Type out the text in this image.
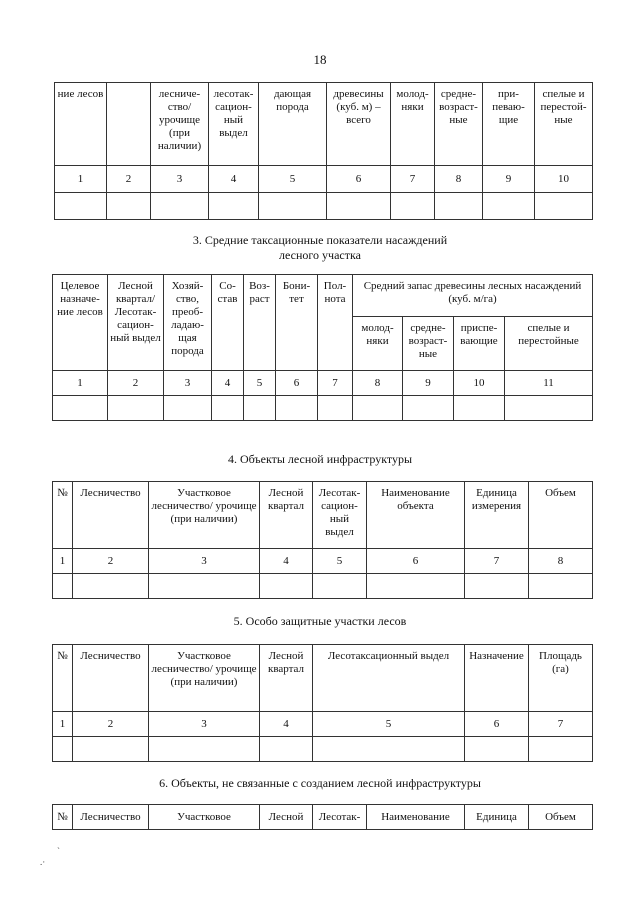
18
ние лесов		лесниче-ство/ урочище (при наличии)	лесотак-сацион-ный выдел	дающая порода	древесины (куб. м) – всего	молод-няки	средне-возраст-ные	при-певаю-щие	спелые и перестой-ные
1	2	3	4	5	6	7	8	9	10

3. Средние таксационные показатели насаждений лесного участка
Целевое назначе-ние лесов	Лесной квартал/ Лесотак-сацион-ный выдел	Хозяй-ство, преоб-ладаю-щая порода	Со-став	Воз-раст	Бони-тет	Пол-нота	Средний запас древесины лесных насаждений (куб. м/га)			
							молод-няки	средне-возраст-ные	приспе-вающие	спелые и перестойные
1	2	3	4	5	6	7	8	9	10	11

4. Объекты лесной инфраструктуры
№	Лесничество	Участковое лесничество/ урочище (при наличии)	Лесной квартал	Лесотак-сацион-ный выдел	Наименование объекта	Единица измерения	Объем
1	2	3	4	5	6	7	8

5. Особо защитные участки лесов
№	Лесничество	Участковое лесничество/ урочище (при наличии)	Лесной квартал	Лесотаксационный выдел	Назначение	Площадь (га)
1	2	3	4	5	6	7

6. Объекты, не связанные с созданием лесной инфраструктуры
№	Лесничество	Участковое	Лесной	Лесотак-	Наименование	Единица	Объем
`
.·
